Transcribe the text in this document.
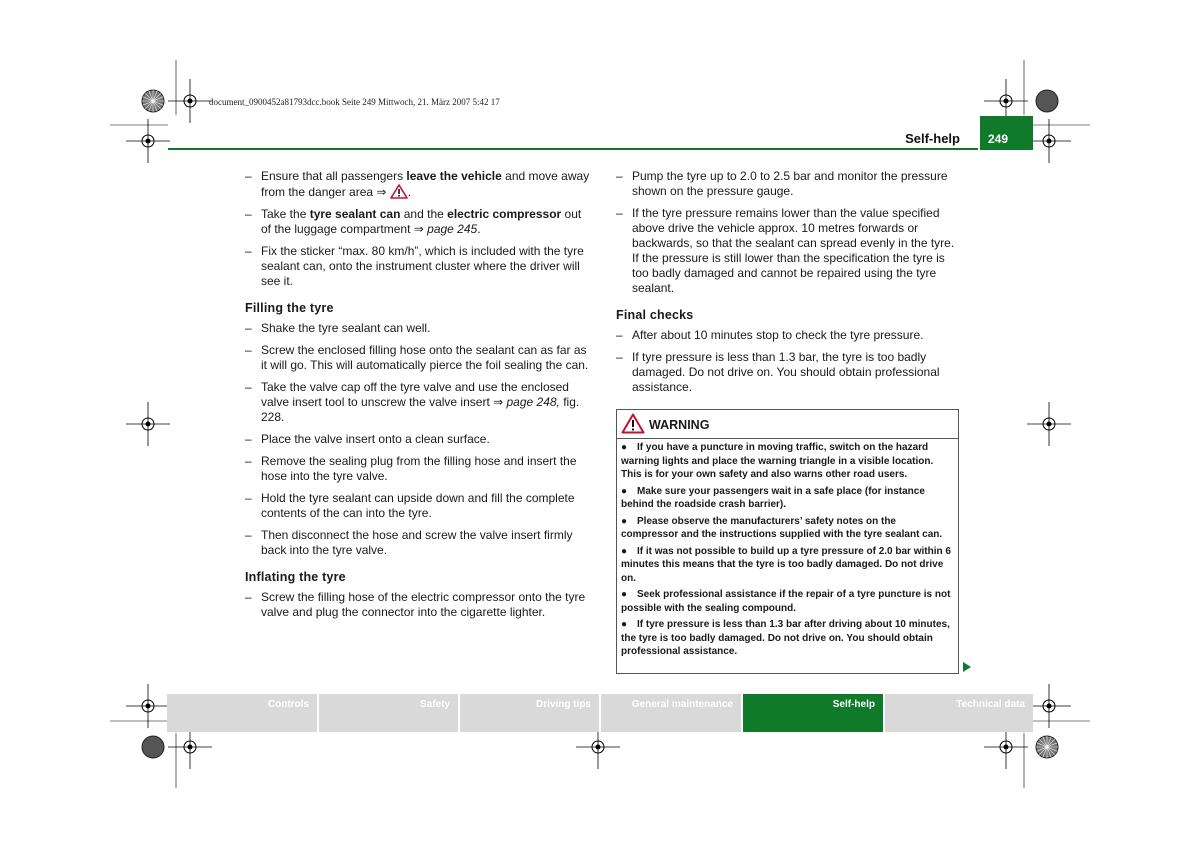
document_0900452a81793dcc.book Seite 249 Mittwoch, 21. März 2007 5:42 17
Self-help 249
– Ensure that all passengers leave the vehicle and move away from the danger area ⇒ .
– Take the tyre sealant can and the electric compressor out of the luggage compartment ⇒ page 245.
– Fix the sticker “max. 80 km/h”, which is included with the tyre sealant can, onto the instrument cluster where the driver will see it.
Filling the tyre
– Shake the tyre sealant can well.
– Screw the enclosed filling hose onto the sealant can as far as it will go. This will automatically pierce the foil sealing the can.
– Take the valve cap off the tyre valve and use the enclosed valve insert tool to unscrew the valve insert ⇒ page 248, fig. 228.
– Place the valve insert onto a clean surface.
– Remove the sealing plug from the filling hose and insert the hose into the tyre valve.
– Hold the tyre sealant can upside down and fill the complete contents of the can into the tyre.
– Then disconnect the hose and screw the valve insert firmly back into the tyre valve.
Inflating the tyre
– Screw the filling hose of the electric compressor onto the tyre valve and plug the connector into the cigarette lighter.
– Pump the tyre up to 2.0 to 2.5 bar and monitor the pressure shown on the pressure gauge.
– If the tyre pressure remains lower than the value specified above drive the vehicle approx. 10 metres forwards or backwards, so that the sealant can spread evenly in the tyre. If the pressure is still lower than the specification the tyre is too badly damaged and cannot be repaired using the tyre sealant.
Final checks
– After about 10 minutes stop to check the tyre pressure.
– If tyre pressure is less than 1.3 bar, the tyre is too badly damaged. Do not drive on. You should obtain professional assistance.
WARNING
● If you have a puncture in moving traffic, switch on the hazard warning lights and place the warning triangle in a visible location. This is for your own safety and also warns other road users.
● Make sure your passengers wait in a safe place (for instance behind the roadside crash barrier).
● Please observe the manufacturers’ safety notes on the compressor and the instructions supplied with the tyre sealant can.
● If it was not possible to build up a tyre pressure of 2.0 bar within 6 minutes this means that the tyre is too badly damaged. Do not drive on.
● Seek professional assistance if the repair of a tyre puncture is not possible with the sealing compound.
● If tyre pressure is less than 1.3 bar after driving about 10 minutes, the tyre is too badly damaged. Do not drive on. You should obtain professional assistance.
Controls	Safety	Driving tips	General maintenance	Self-help	Technical data
